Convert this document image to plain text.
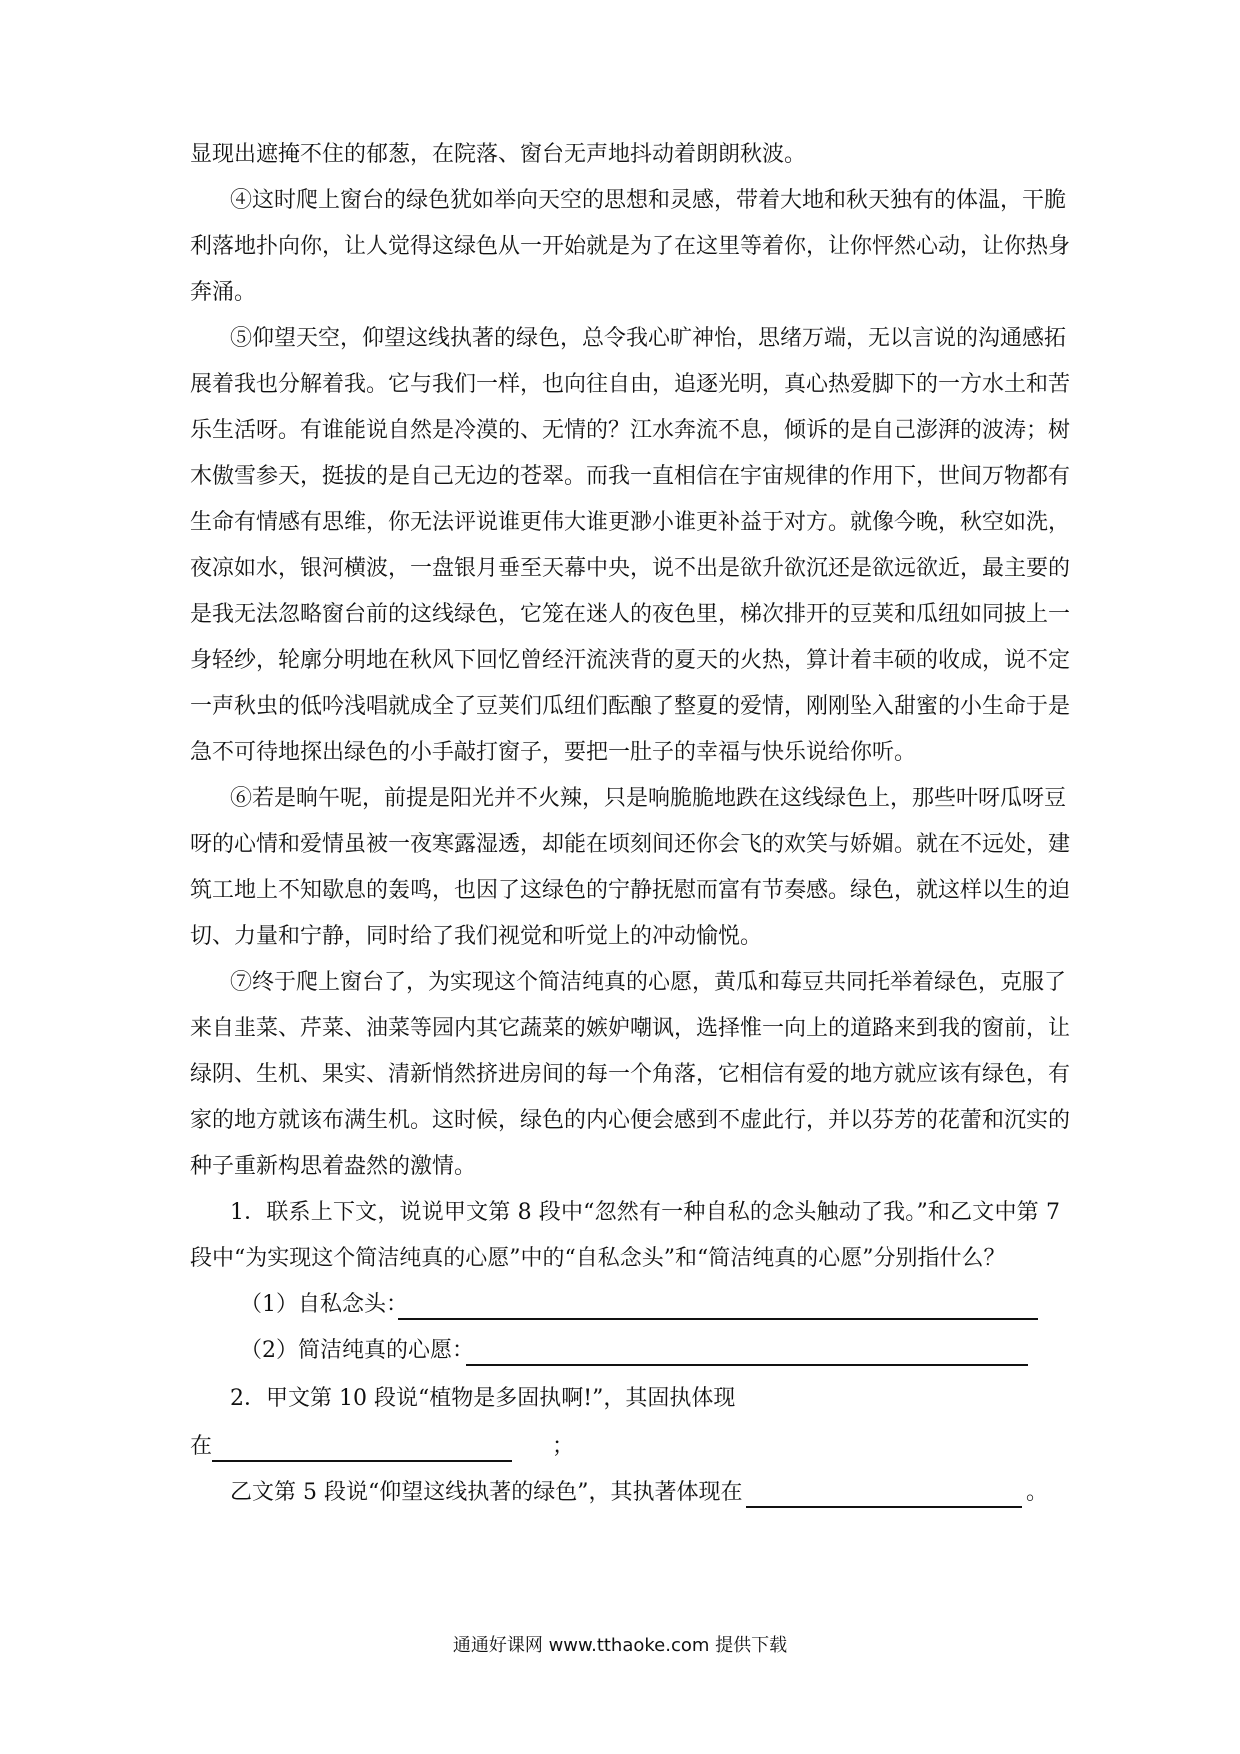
显现出遮掩不住的郁葱，在院落、窗台无声地抖动着朗朗秋波。
④这时爬上窗台的绿色犹如举向天空的思想和灵感，带着大地和秋天独有的体温，干脆
利落地扑向你，让人觉得这绿色从一开始就是为了在这里等着你，让你怦然心动，让你热身
奔涌。
⑤仰望天空，仰望这线执著的绿色，总令我心旷神怡，思绪万端，无以言说的沟通感拓
展着我也分解着我。它与我们一样，也向往自由，追逐光明，真心热爱脚下的一方水土和苦
乐生活呀。有谁能说自然是冷漠的、无情的？江水奔流不息，倾诉的是自己澎湃的波涛；树
木傲雪参天，挺拔的是自己无边的苍翠。而我一直相信在宇宙规律的作用下，世间万物都有
生命有情感有思维，你无法评说谁更伟大谁更渺小谁更补益于对方。就像今晚，秋空如洗，
夜凉如水，银河横波，一盘银月垂至天幕中央，说不出是欲升欲沉还是欲远欲近，最主要的
是我无法忽略窗台前的这线绿色，它笼在迷人的夜色里，梯次排开的豆荚和瓜纽如同披上一
身轻纱，轮廓分明地在秋风下回忆曾经汗流浃背的夏天的火热，算计着丰硕的收成，说不定
一声秋虫的低吟浅唱就成全了豆荚们瓜纽们酝酿了整夏的爱情，刚刚坠入甜蜜的小生命于是
急不可待地探出绿色的小手敲打窗子，要把一肚子的幸福与快乐说给你听。
⑥若是晌午呢，前提是阳光并不火辣，只是响脆脆地跌在这线绿色上，那些叶呀瓜呀豆
呀的心情和爱情虽被一夜寒露湿透，却能在顷刻间还你会飞的欢笑与娇媚。就在不远处，建
筑工地上不知歇息的轰鸣，也因了这绿色的宁静抚慰而富有节奏感。绿色，就这样以生的迫
切、力量和宁静，同时给了我们视觉和听觉上的冲动愉悦。
⑦终于爬上窗台了，为实现这个简洁纯真的心愿，黄瓜和莓豆共同托举着绿色，克服了
来自韭菜、芹菜、油菜等园内其它蔬菜的嫉妒嘲讽，选择惟一向上的道路来到我的窗前，让
绿阴、生机、果实、清新悄然挤进房间的每一个角落，它相信有爱的地方就应该有绿色，有
家的地方就该布满生机。这时候，绿色的内心便会感到不虚此行，并以芬芳的花蕾和沉实的
种子重新构思着盎然的激情。
1．联系上下文，说说甲文第 8 段中“忽然有一种自私的念头触动了我。”和乙文中第 7
段中“为实现这个简洁纯真的心愿”中的“自私念头”和“简洁纯真的心愿”分别指什么？
（1）自私念头：
（2）简洁纯真的心愿：
2．甲文第 10 段说“植物是多固执啊!”，其固执体现
在	；
乙文第 5 段说“仰望这线执著的绿色”，其执著体现在	。
通通好课网 www.tthaoke.com 提供下载
